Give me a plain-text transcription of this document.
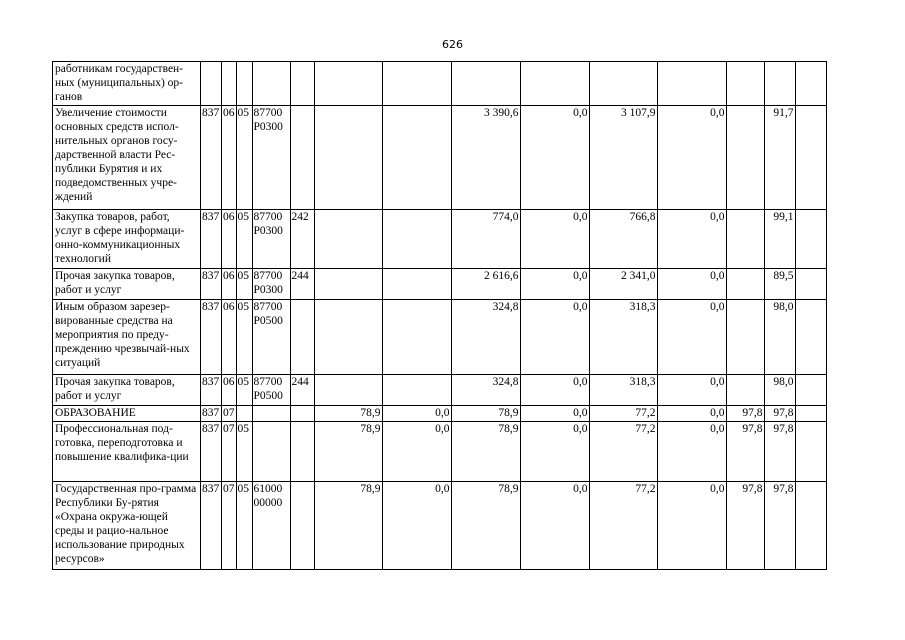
626
работникам государствен-ных (муниципальных) ор-ганов														
Увеличение стоимости основных средств испол-нительных органов госу-дарственной власти Рес-публики Бурятия и их подведомственных учре-ждений	837	06	05	87700 Р0300				3 390,6	0,0	3 107,9	0,0		91,7	
Закупка товаров, работ, услуг в сфере информаци-онно-коммуникационных технологий	837	06	05	87700 Р0300	242			774,0	0,0	766,8	0,0		99,1	
Прочая закупка товаров, работ и услуг	837	06	05	87700 Р0300	244			2 616,6	0,0	2 341,0	0,0		89,5	
Иным образом зарезер-вированные средства на мероприятия по преду-преждению чрезвычай-ных ситуаций	837	06	05	87700 Р0500				324,8	0,0	318,3	0,0		98,0	
Прочая закупка товаров, работ и услуг	837	06	05	87700 Р0500	244			324,8	0,0	318,3	0,0		98,0	
ОБРАЗОВАНИЕ	837	07				78,9	0,0	78,9	0,0	77,2	0,0	97,8	97,8	
Профессиональная под-готовка, переподготовка и повышение квалифика-ции	837	07	05			78,9	0,0	78,9	0,0	77,2	0,0	97,8	97,8	
Государственная про-грамма Республики Бу-рятия «Охрана окружа-ющей среды и рацио-нальное использование природных ресурсов»	837	07	05	61000 00000		78,9	0,0	78,9	0,0	77,2	0,0	97,8	97,8	
